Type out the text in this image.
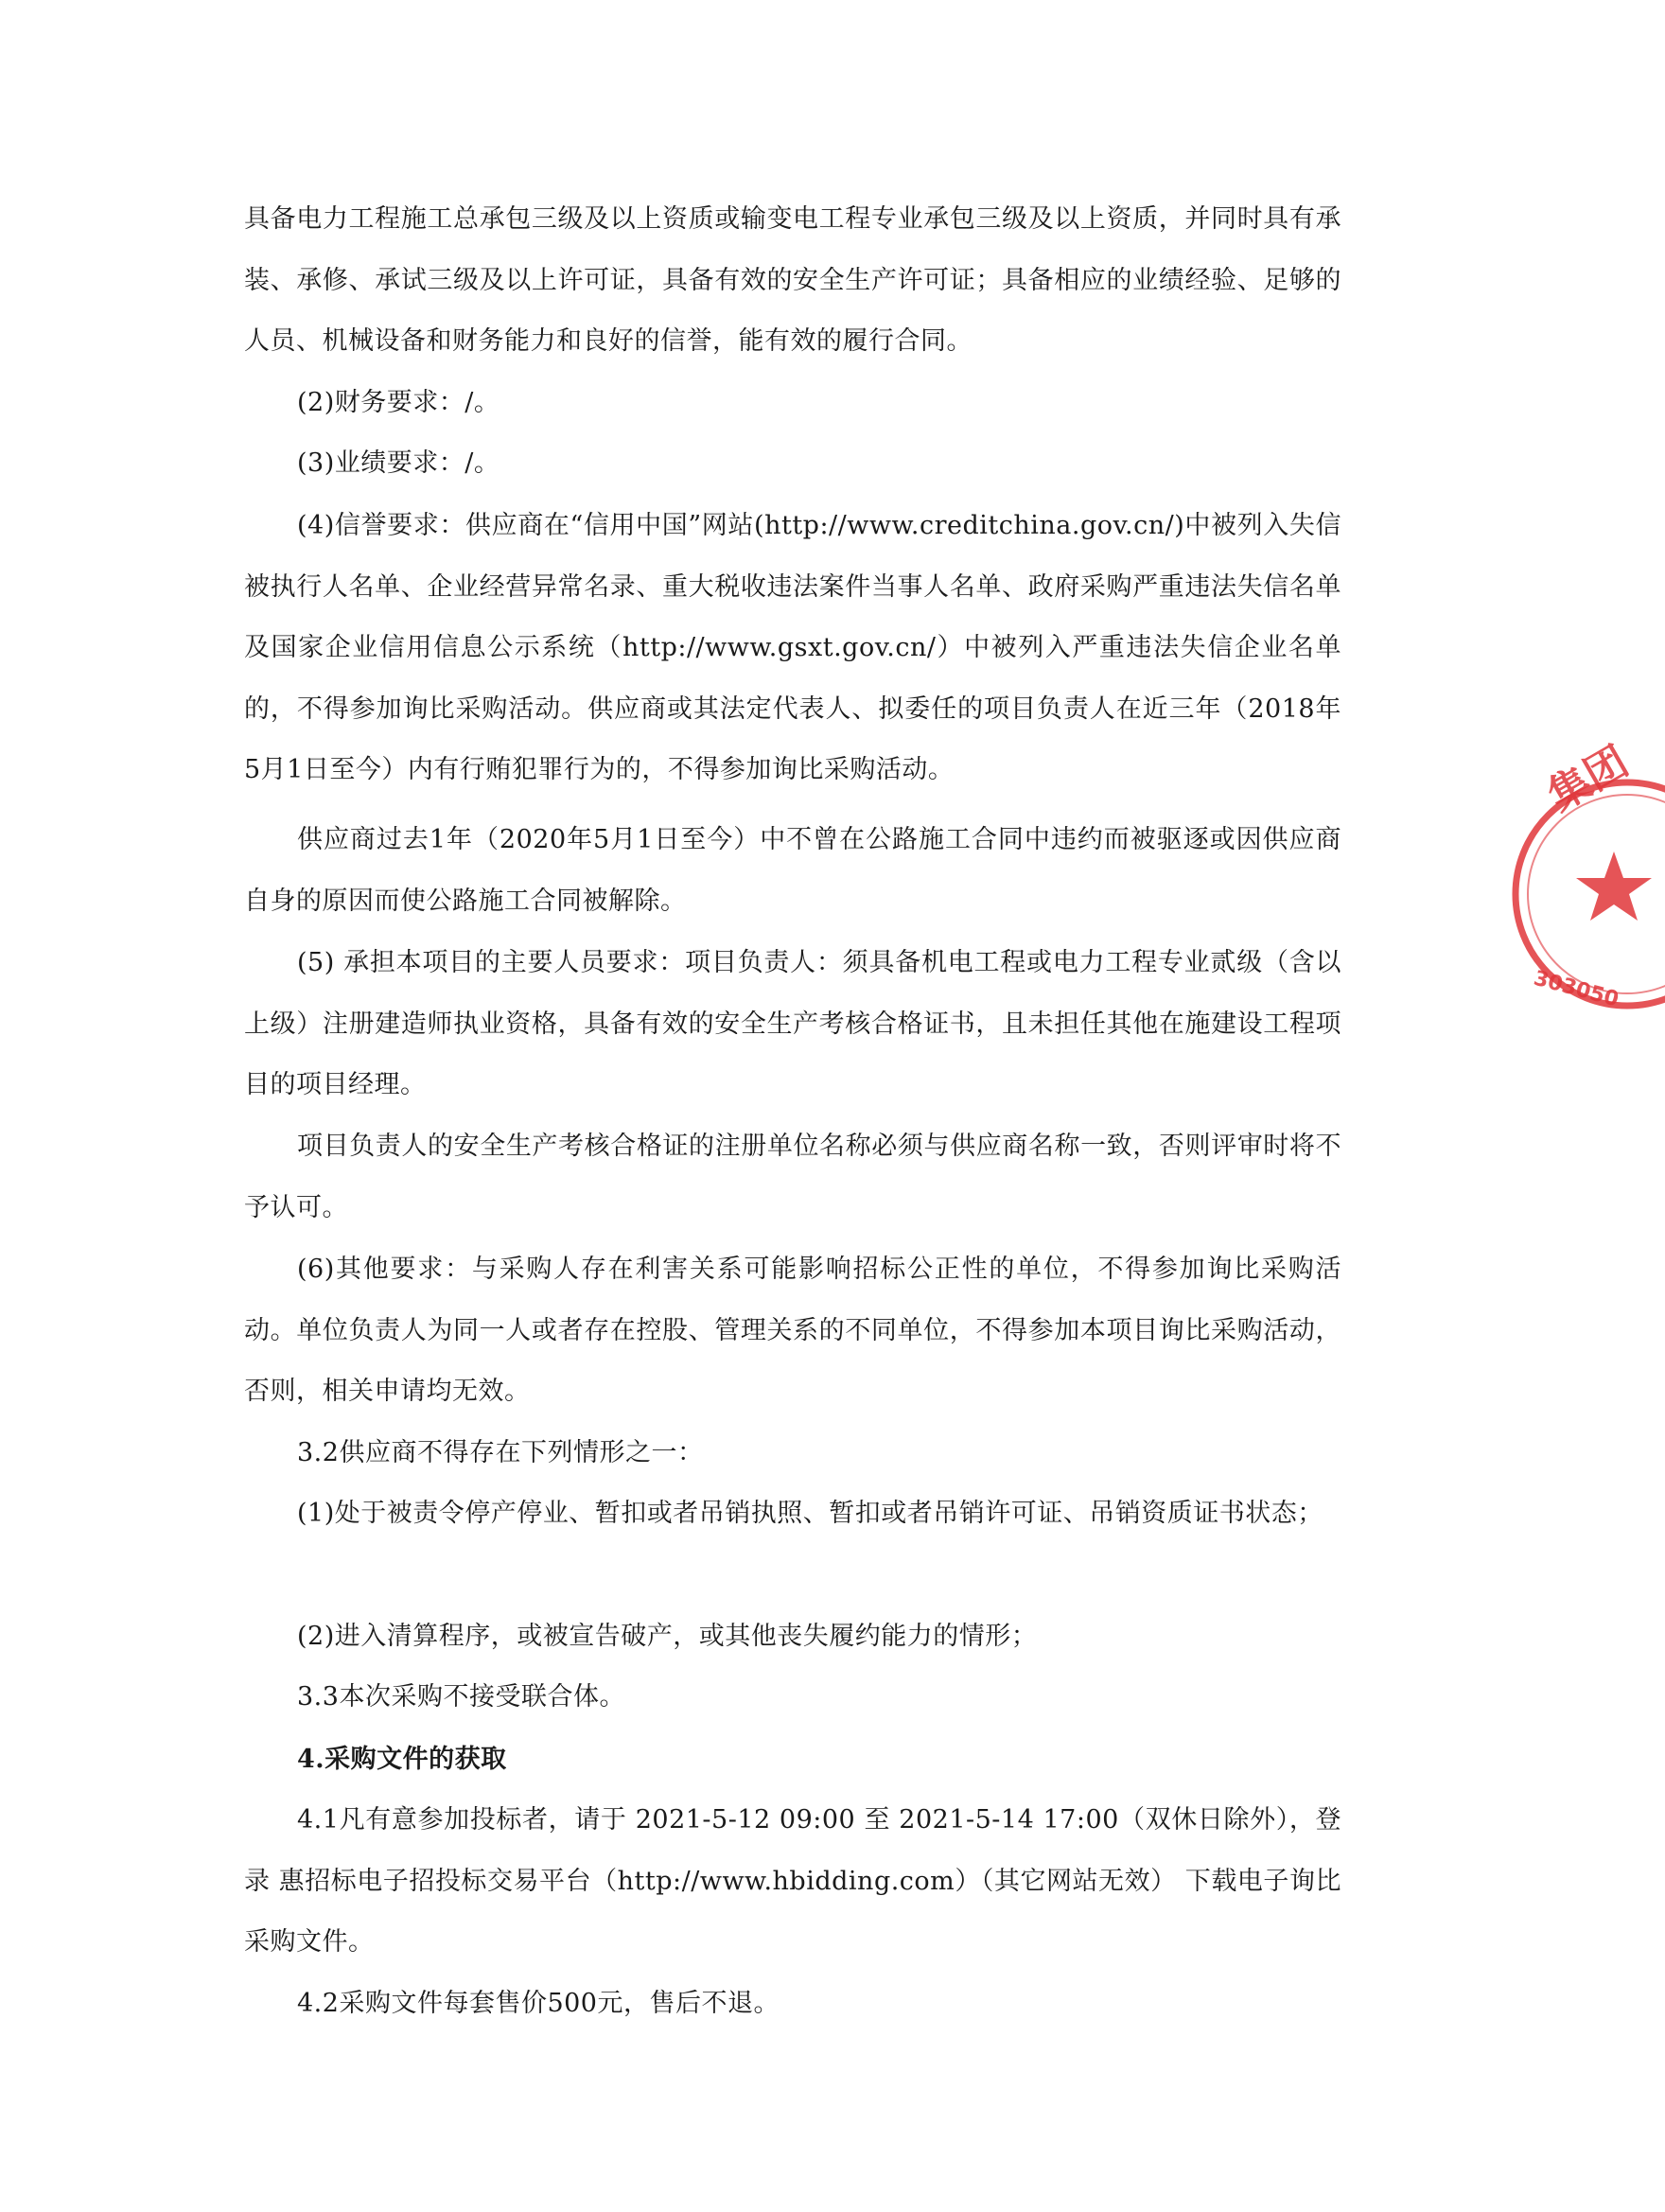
具备电力工程施工总承包三级及以上资质或输变电工程专业承包三级及以上资质，并同时具有承装、承修、承试三级及以上许可证，具备有效的安全生产许可证；具备相应的业绩经验、足够的人员、机械设备和财务能力和良好的信誉，能有效的履行合同。

(2)财务要求：/。

(3)业绩要求：/。

(4)信誉要求：供应商在“信用中国”网站(http://www.creditchina.gov.cn/)中被列入失信被执行人名单、企业经营异常名录、重大税收违法案件当事人名单、政府采购严重违法失信名单及国家企业信用信息公示系统（http://www.gsxt.gov.cn/）中被列入严重违法失信企业名单的，不得参加询比采购活动。供应商或其法定代表人、拟委任的项目负责人在近三年（2018年5月1日至今）内有行贿犯罪行为的，不得参加询比采购活动。

供应商过去1年（2020年5月1日至今）中不曾在公路施工合同中违约而被驱逐或因供应商自身的原因而使公路施工合同被解除。

(5) 承担本项目的主要人员要求：项目负责人：须具备机电工程或电力工程专业贰级（含以上级）注册建造师执业资格，具备有效的安全生产考核合格证书，且未担任其他在施建设工程项目的项目经理。

项目负责人的安全生产考核合格证的注册单位名称必须与供应商名称一致，否则评审时将不予认可。

(6)其他要求：与采购人存在利害关系可能影响招标公正性的单位，不得参加询比采购活动。单位负责人为同一人或者存在控股、管理关系的不同单位，不得参加本项目询比采购活动，否则，相关申请均无效。

3.2供应商不得存在下列情形之一：

(1)处于被责令停产停业、暂扣或者吊销执照、暂扣或者吊销许可证、吊销资质证书状态；

(2)进入清算程序，或被宣告破产，或其他丧失履约能力的情形；

3.3本次采购不接受联合体。

4.采购文件的获取

4.1凡有意参加投标者，请于 2021-5-12 09:00 至 2021-5-14 17:00（双休日除外），登录 惠招标电子招投标交易平台（http://www.hbidding.com）（其它网站无效） 下载电子询比采购文件。

4.2采购文件每套售价500元，售后不退。

集团
303050
